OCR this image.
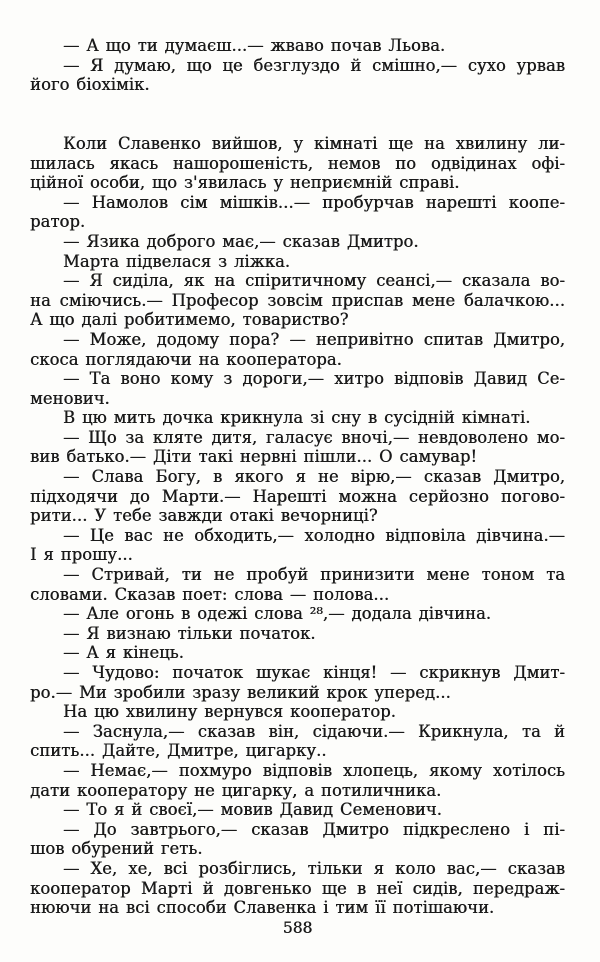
— А що ти думаєш...— жваво почав Льова.
— Я думаю, що це безглуздо й смішно,— сухо урвав
його біохімік.
Коли Славенко вийшов, у кімнаті ще на хвилину ли-
шилась якась нашорошеність, немов по одвідинах офі-
ційної особи, що з'явилась у неприємній справі.
— Намолов сім мішків...— пробурчав нарешті коопе-
ратор.
— Язика доброго має,— сказав Дмитро.
Марта підвелася з ліжка.
— Я сиділа, як на спіритичному сеансі,— сказала во-
на сміючись.— Професор зовсім приспав мене балачкою...
А що далі робитимемо, товариство?
— Може, додому пора? — непривітно спитав Дмитро,
скоса поглядаючи на кооператора.
— Та воно кому з дороги,— хитро відповів Давид Се-
менович.
В цю мить дочка крикнула зі сну в сусідній кімнаті.
— Що за кляте дитя, галасує вночі,— невдоволено мо-
вив батько.— Діти такі нервні пішли... О самувар!
— Слава Богу, в якого я не вірю,— сказав Дмитро,
підходячи до Марти.— Нарешті можна серйозно погово-
рити... У тебе завжди отакі вечорниці?
— Це вас не обходить,— холодно відповіла дівчина.—
І я прошу...
— Стривай, ти не пробуй принизити мене тоном та
словами. Сказав поет: слова — полова...
— Але огонь в одежі слова ²⁸,— додала дівчина.
— Я визнаю тільки початок.
— А я кінець.
— Чудово: початок шукає кінця! — скрикнув Дмит-
ро.— Ми зробили зразу великий крок уперед...
На цю хвилину вернувся кооператор.
— Заснула,— сказав він, сідаючи.— Крикнула, та й
спить... Дайте, Дмитре, цигарку..
— Немає,— похмуро відповів хлопець, якому хотілось
дати кооператору не цигарку, а потиличника.
— То я й своєї,— мовив Давид Семенович.
— До завтрього,— сказав Дмитро підкреслено і пі-
шов обурений геть.
— Хе, хе, всі розбіглись, тільки я коло вас,— сказав
кооператор Марті й довгенько ще в неї сидів, передраж-
нюючи на всі способи Славенка і тим її потішаючи.
588
